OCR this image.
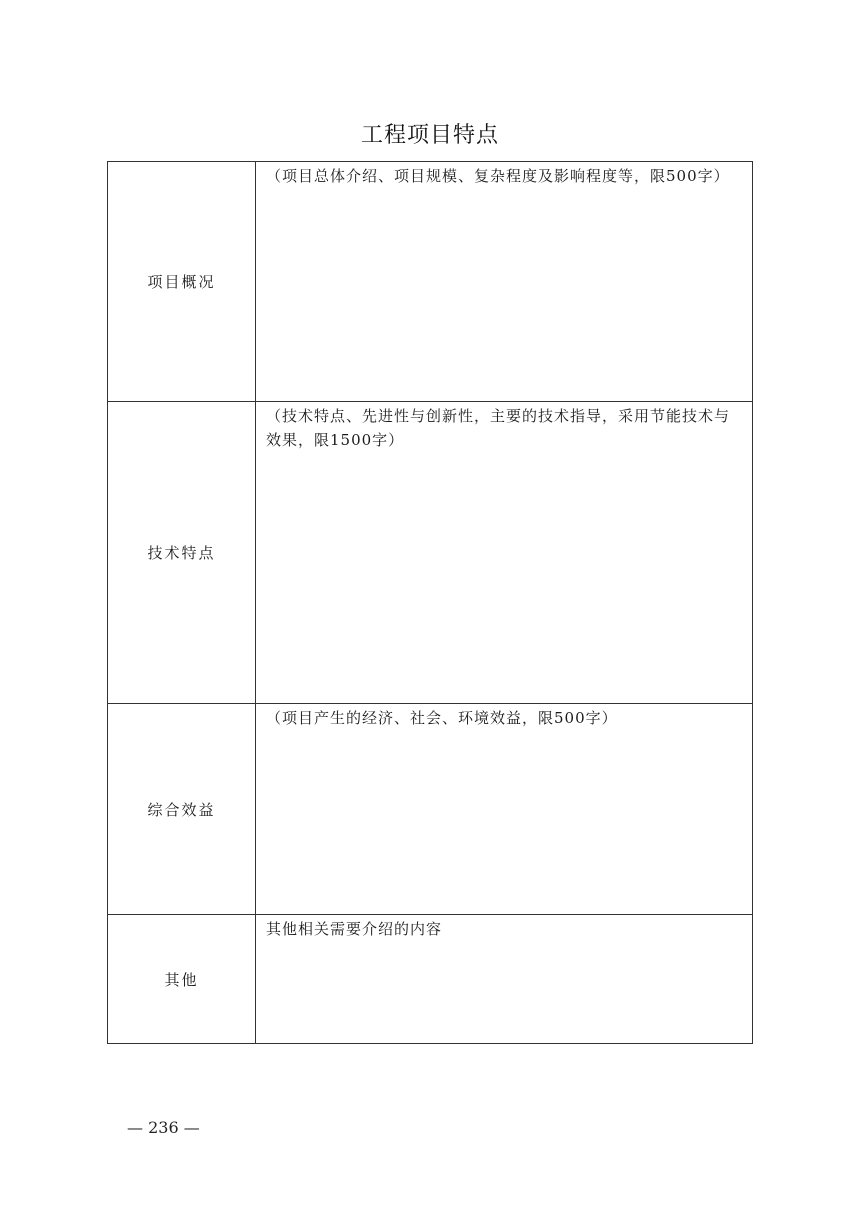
工程项目特点
项目概况	（项目总体介绍、项目规模、复杂程度及影响程度等，限500字）
技术特点	（技术特点、先进性与创新性，主要的技术指导，采用节能技术与效果，限1500字）
综合效益	（项目产生的经济、社会、环境效益，限500字）
其他	其他相关需要介绍的内容
— 236 —
